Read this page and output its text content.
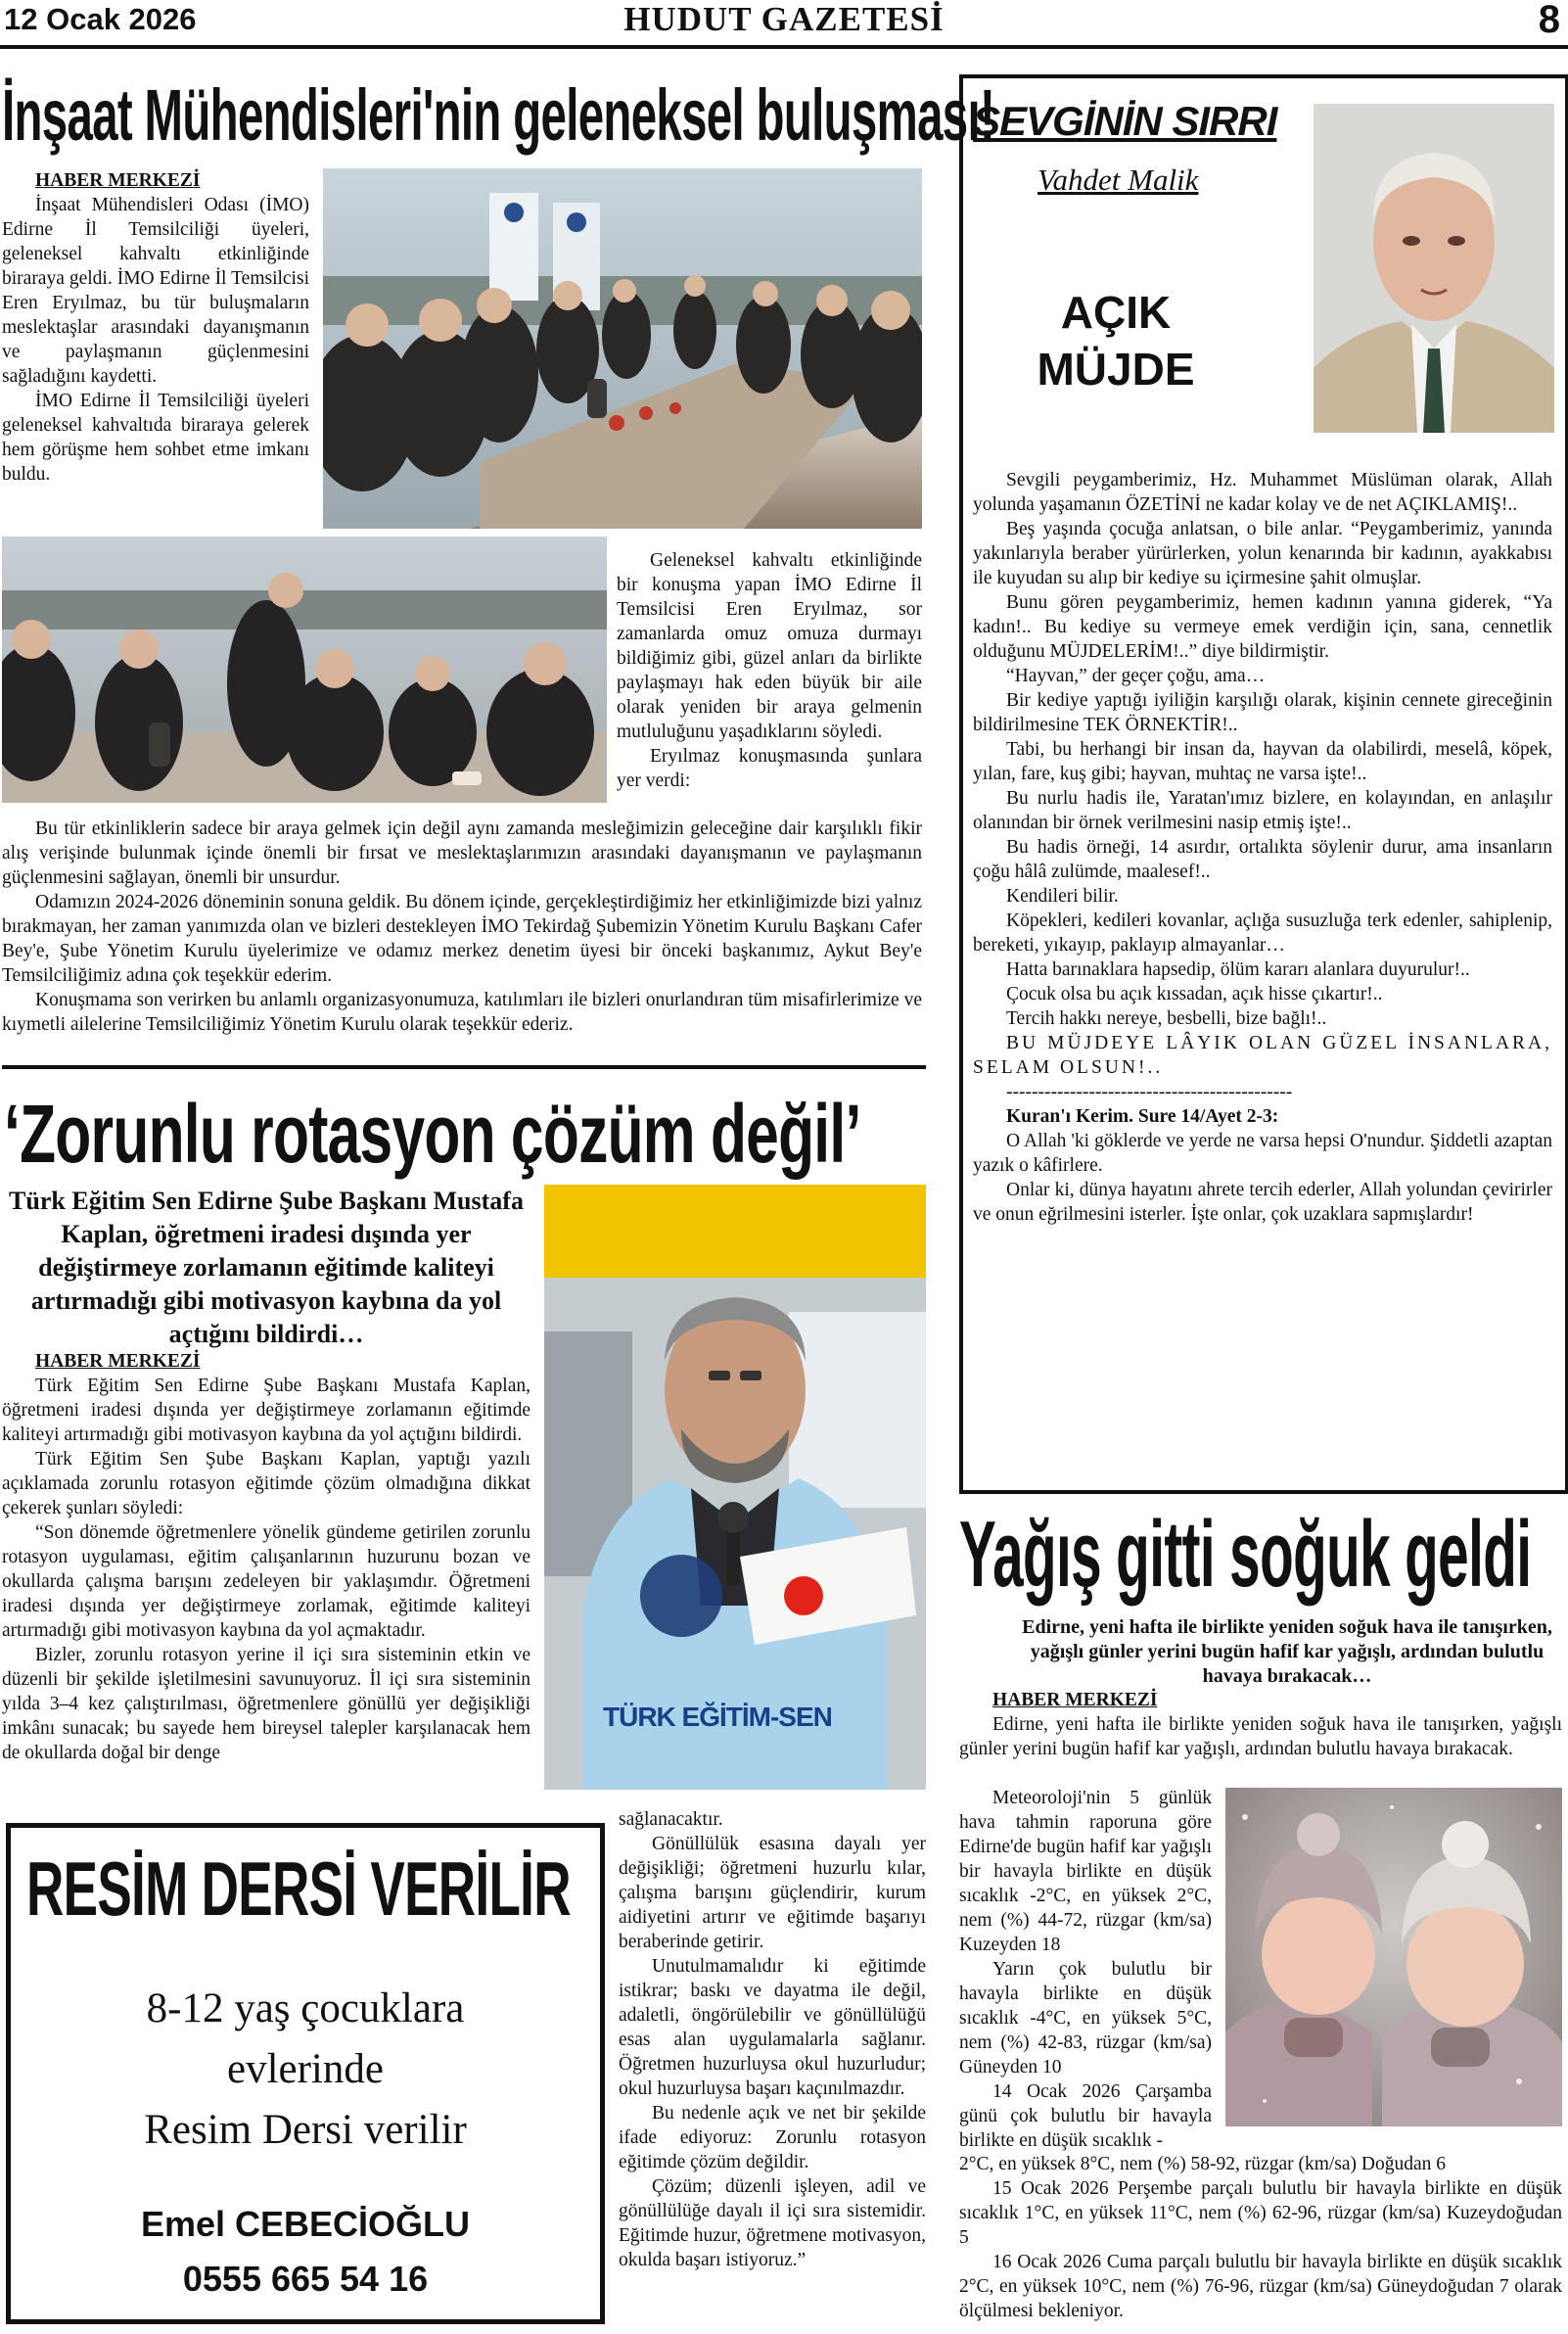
12 Ocak 2026	HUDUT GAZETESİ	8
İnşaat Mühendisleri'nin geleneksel buluşması!

HABER MERKEZİ

İnşaat Mühendisleri Odası (İMO) Edirne İl Temsilciliği üyeleri, geleneksel kahvaltı etkinliğinde biraraya geldi. İMO Edirne İl Temsilcisi Eren Eryılmaz, bu tür buluşmaların meslektaşlar arasındaki dayanışmanın ve paylaşmanın güçlenmesini sağladığını kaydetti.

İMO Edirne İl Temsilciliği üyeleri geleneksel kahvaltıda biraraya gelerek hem görüşme hem sohbet etme imkanı buldu.

Geleneksel kahvaltı etkinliğinde bir konuşma yapan İMO Edirne İl Temsilcisi Eren Eryılmaz, sor zamanlarda omuz omuza durmayı bildiğimiz gibi, güzel anları da birlikte paylaşmayı hak eden büyük bir aile olarak yeniden bir araya gelmenin mutluluğunu yaşadıklarını söyledi.

Eryılmaz konuşmasında şunlara yer verdi:

Bu tür etkinliklerin sadece bir araya gelmek için değil aynı zamanda mesleğimizin geleceğine dair karşılıklı fikir alış verişinde bulunmak içinde önemli bir fırsat ve meslektaşlarımızın arasındaki dayanışmanın ve paylaşmanın güçlenmesini sağlayan, önemli bir unsurdur.

Odamızın 2024-2026 döneminin sonuna geldik. Bu dönem içinde, gerçekleştirdiğimiz her etkinliğimizde bizi yalnız bırakmayan, her zaman yanımızda olan ve bizleri destekleyen İMO Tekirdağ Şubemizin Yönetim Kurulu Başkanı Cafer Bey'e, Şube Yönetim Kurulu üyelerimize ve odamız merkez denetim üyesi bir önceki başkanımız, Aykut Bey'e Temsilciliğimiz adına çok teşekkür ederim.

Konuşmama son verirken bu anlamlı organizasyonumuza, katılımları ile bizleri onurlandıran tüm misafirlerimize ve kıymetli ailelerine Temsilciliğimiz Yönetim Kurulu olarak teşekkür ederiz.

SEVGİNİN SIRRI
Vahdet Malik
AÇIK
MÜJDE

Sevgili peygamberimiz, Hz. Muhammet Müslüman olarak, Allah yolunda yaşamanın ÖZETİNİ ne kadar kolay ve de net AÇIKLAMIŞ!..

Beş yaşında çocuğa anlatsan, o bile anlar. “Peygamberimiz, yanında yakınlarıyla beraber yürürlerken, yolun kenarında bir kadının, ayakkabısı ile kuyudan su alıp bir kediye su içirmesine şahit olmuşlar.

Bunu gören peygamberimiz, hemen kadının yanına giderek, “Ya kadın!.. Bu kediye su vermeye emek verdiğin için, sana, cennetlik olduğunu MÜJDELERİM!..” diye bildirmiştir.

“Hayvan,” der geçer çoğu, ama…

Bir kediye yaptığı iyiliğin karşılığı olarak, kişinin cennete gireceğinin bildirilmesine TEK ÖRNEKTİR!..

Tabi, bu herhangi bir insan da, hayvan da olabilirdi, meselâ, köpek, yılan, fare, kuş gibi; hayvan, muhtaç ne varsa işte!..

Bu nurlu hadis ile, Yaratan'ımız bizlere, en kolayından, en anlaşılır olanından bir örnek verilmesini nasip etmiş işte!..

Bu hadis örneği, 14 asırdır, ortalıkta söylenir durur, ama insanların çoğu hâlâ zulümde, maalesef!..

Kendileri bilir.

Köpekleri, kedileri kovanlar, açlığa susuzluğa terk edenler, sahiplenip, bereketi, yıkayıp, paklayıp almayanlar…

Hatta barınaklara hapsedip, ölüm kararı alanlara duyurulur!..

Çocuk olsa bu açık kıssadan, açık hisse çıkartır!..

Tercih hakkı nereye, besbelli, bize bağlı!..

BU MÜJDEYE LÂYIK OLAN GÜZEL İNSANLARA, SELAM OLSUN!..

---------------------------------------------

Kuran'ı Kerim. Sure 14/Ayet 2-3:

O Allah 'ki göklerde ve yerde ne varsa hepsi O'nundur. Şiddetli azaptan yazık o kâfirlere.

Onlar ki, dünya hayatını ahrete tercih ederler, Allah yolundan çevirirler ve onun eğrilmesini isterler. İşte onlar, çok uzaklara sapmışlardır!

‘Zorunlu rotasyon çözüm değil’
Türk Eğitim Sen Edirne Şube Başkanı Mustafa Kaplan, öğretmeni iradesi dışında yer değiştirmeye zorlamanın eğitimde kaliteyi artırmadığı gibi motivasyon kaybına da yol açtığını bildirdi…

HABER MERKEZİ

Türk Eğitim Sen Edirne Şube Başkanı Mustafa Kaplan, öğretmeni iradesi dışında yer değiştirmeye zorlamanın eğitimde kaliteyi artırmadığı gibi motivasyon kaybına da yol açtığını bildirdi.

Türk Eğitim Sen Şube Başkanı Kaplan, yaptığı yazılı açıklamada zorunlu rotasyon eğitimde çözüm olmadığına dikkat çekerek şunları söyledi:

“Son dönemde öğretmenlere yönelik gündeme getirilen zorunlu rotasyon uygulaması, eğitim çalışanlarının huzurunu bozan ve okullarda çalışma barışını zedeleyen bir yaklaşımdır. Öğretmeni iradesi dışında yer değiştirmeye zorlamak, eğitimde kaliteyi artırmadığı gibi motivasyon kaybına da yol açmaktadır.

Bizler, zorunlu rotasyon yerine il içi sıra sisteminin etkin ve düzenli bir şekilde işletilmesini savunuyoruz. İl içi sıra sisteminin yılda 3–4 kez çalıştırılması, öğretmenlere gönüllü yer değişikliği imkânı sunacak; bu sayede hem bireysel talepler karşılanacak hem de okullarda doğal bir denge

TÜRK EĞİTİM-SEN

sağlanacaktır.

Gönüllülük esasına dayalı yer değişikliği; öğretmeni huzurlu kılar, çalışma barışını güçlendirir, kurum aidiyetini artırır ve eğitimde başarıyı beraberinde getirir.

Unutulmamalıdır ki eğitimde istikrar; baskı ve dayatma ile değil, adaletli, öngörülebilir ve gönüllülüğü esas alan uygulamalarla sağlanır. Öğretmen huzurluysa okul huzurludur; okul huzurluysa başarı kaçınılmazdır.

Bu nedenle açık ve net bir şekilde ifade ediyoruz: Zorunlu rotasyon eğitimde çözüm değildir.

Çözüm; düzenli işleyen, adil ve gönüllülüğe dayalı il içi sıra sistemidir. Eğitimde huzur, öğretmene motivasyon, okulda başarı istiyoruz.”

RESİM DERSİ VERİLİR
8-12 yaş çocuklara
evlerinde
Resim Dersi verilir
Emel CEBECİOĞLU
0555 665 54 16
Yağış gitti soğuk geldi
Edirne, yeni hafta ile birlikte yeniden soğuk hava ile tanışırken, yağışlı günler yerini bugün hafif kar yağışlı, ardından bulutlu havaya bırakacak…

HABER MERKEZİ

Edirne, yeni hafta ile birlikte yeniden soğuk hava ile tanışırken, yağışlı günler yerini bugün hafif kar yağışlı, ardından bulutlu havaya bırakacak.

Meteoroloji'nin 5 günlük hava tahmin raporuna göre Edirne'de bugün hafif kar yağışlı bir havayla birlikte en düşük sıcaklık -2°C, en yüksek 2°C, nem (%) 44-72, rüzgar (km/sa) Kuzeyden 18

Yarın çok bulutlu bir havayla birlikte en düşük sıcaklık -4°C, en yüksek 5°C, nem (%) 42-83, rüzgar (km/sa) Güneyden 10

14 Ocak 2026 Çarşamba günü çok bulutlu bir havayla birlikte en düşük sıcaklık -

2°C, en yüksek 8°C, nem (%) 58-92, rüzgar (km/sa) Doğudan 6

15 Ocak 2026 Perşembe parçalı bulutlu bir havayla birlikte en düşük sıcaklık 1°C, en yüksek 11°C, nem (%) 62-96, rüzgar (km/sa) Kuzeydoğudan 5

16 Ocak 2026 Cuma parçalı bulutlu bir havayla birlikte en düşük sıcaklık 2°C, en yüksek 10°C, nem (%) 76-96, rüzgar (km/sa) Güneydoğudan 7 olarak ölçülmesi bekleniyor.
